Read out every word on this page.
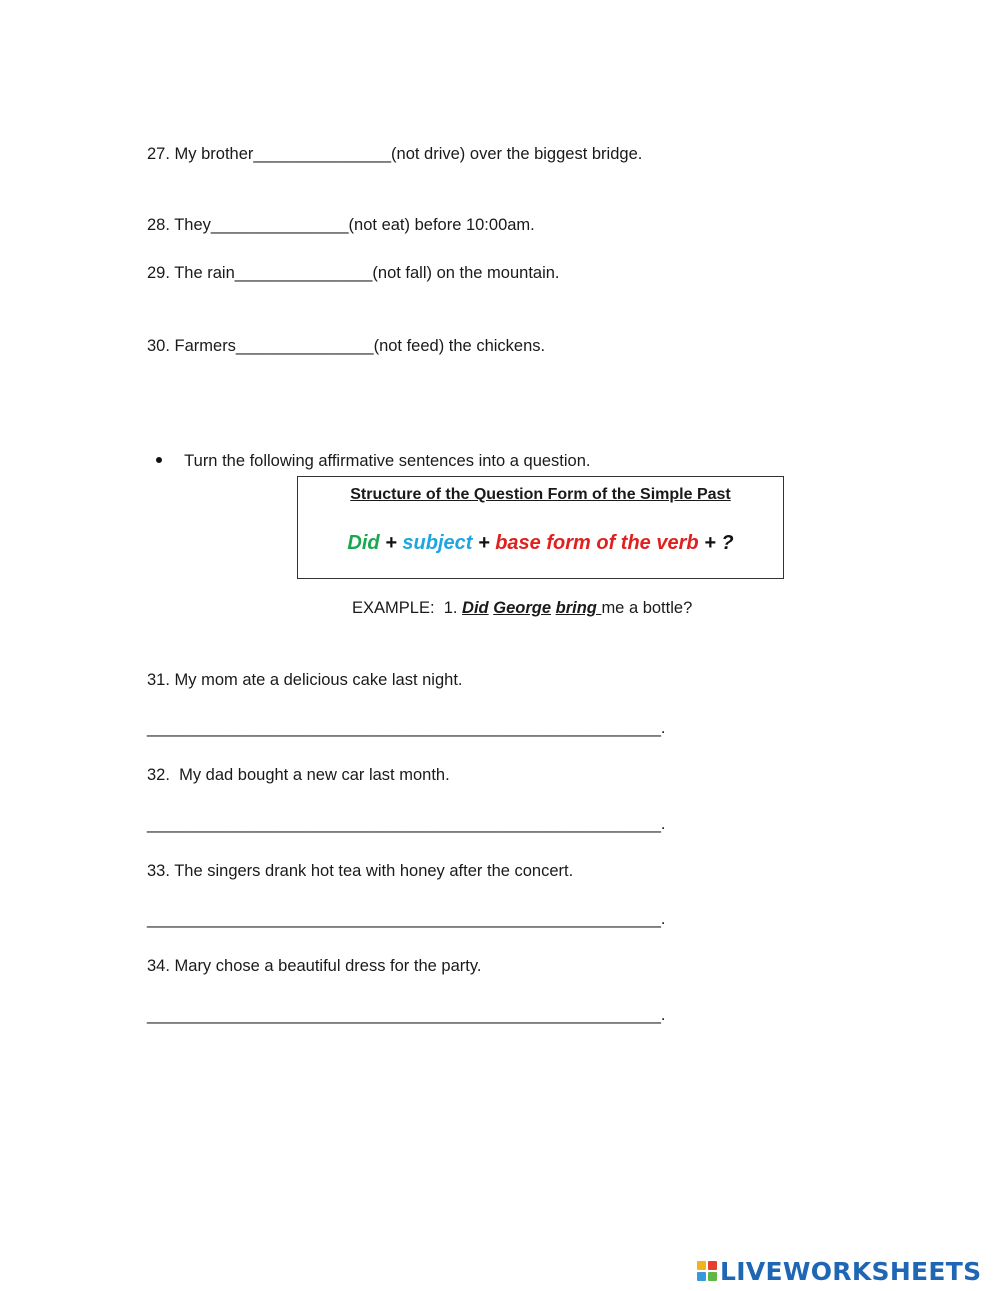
27. My brother_______________(not drive) over the biggest bridge.
28. They_______________(not eat) before 10:00am.
29. The rain_______________(not fall) on the mountain.
30. Farmers_______________(not feed) the chickens.

Turn the following affirmative sentences into a question.

Structure of the Question Form of the Simple Past
Did + subject + base form of the verb + ?
EXAMPLE:  1. Did George bring me a bottle?
31. My mom ate a delicious cake last night.
________________________________________________________.
32.  My dad bought a new car last month.
________________________________________________________.
33. The singers drank hot tea with honey after the concert.
________________________________________________________.
34. Mary chose a beautiful dress for the party.
________________________________________________________.
LIVEWORKSHEETS
